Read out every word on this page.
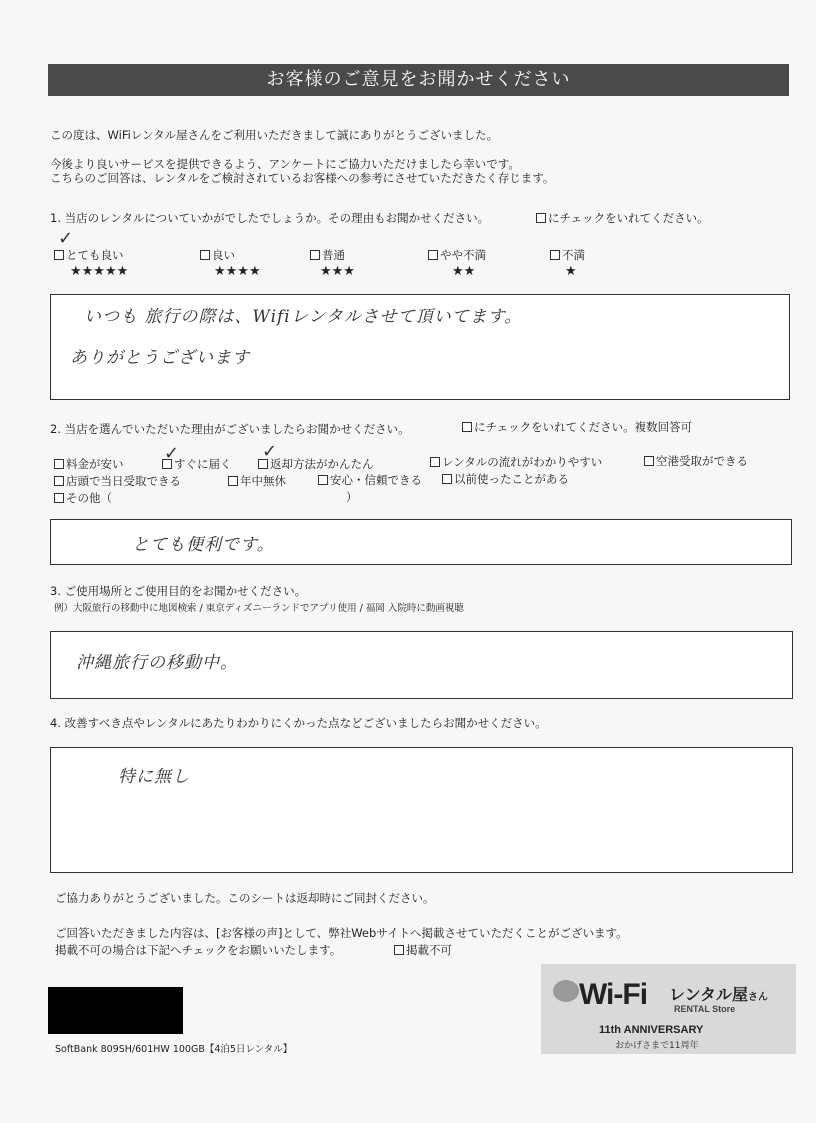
お客様のご意見をお聞かせください
この度は、WiFiレンタル屋さんをご利用いただきまして誠にありがとうございました。
今後より良いサービスを提供できるよう、アンケートにご協力いただけましたら幸いです。
こちらのご回答は、レンタルをご検討されているお客様への参考にさせていただきたく存じます。
1. 当店のレンタルについていかがでしたでしょうか。その理由もお聞かせください。	にチェックをいれてください。
とても良い
★★★★★
✓
良い
★★★★
普通
★★★
やや不満
★★
不満
★
いつも 旅行の際は、Wifiレンタルさせて頂いてます。
ありがとうございます
2. 当店を選んでいただいた理由がございましたらお聞かせください。	にチェックをいれてください。複数回答可
料金が安い	すぐに届く
✓	返却方法がかんたん
✓	レンタルの流れがわかりやすい	空港受取ができる
店頭で当日受取できる	年中無休	安心・信頼できる	以前使ったことがある
その他（	）
とても便利です。
3. ご使用場所とご使用目的をお聞かせください。
例）大阪旅行の移動中に地図検索 / 東京ディズニーランドでアプリ使用 / 福岡 入院時に動画視聴
沖縄旅行の移動中。
4. 改善すべき点やレンタルにあたりわかりにくかった点などございましたらお聞かせください。
特に無し
ご協力ありがとうございました。このシートは返却時にご同封ください。
ご回答いただきました内容は、[お客様の声]として、弊社Webサイトへ掲載させていただくことがございます。
掲載不可の場合は下記へチェックをお願いいたします。	掲載不可
SoftBank 809SH/601HW 100GB【4泊5日レンタル】
Wi-Fi レンタル屋さん
RENTAL Store
11th ANNIVERSARY
おかげさまで11周年
